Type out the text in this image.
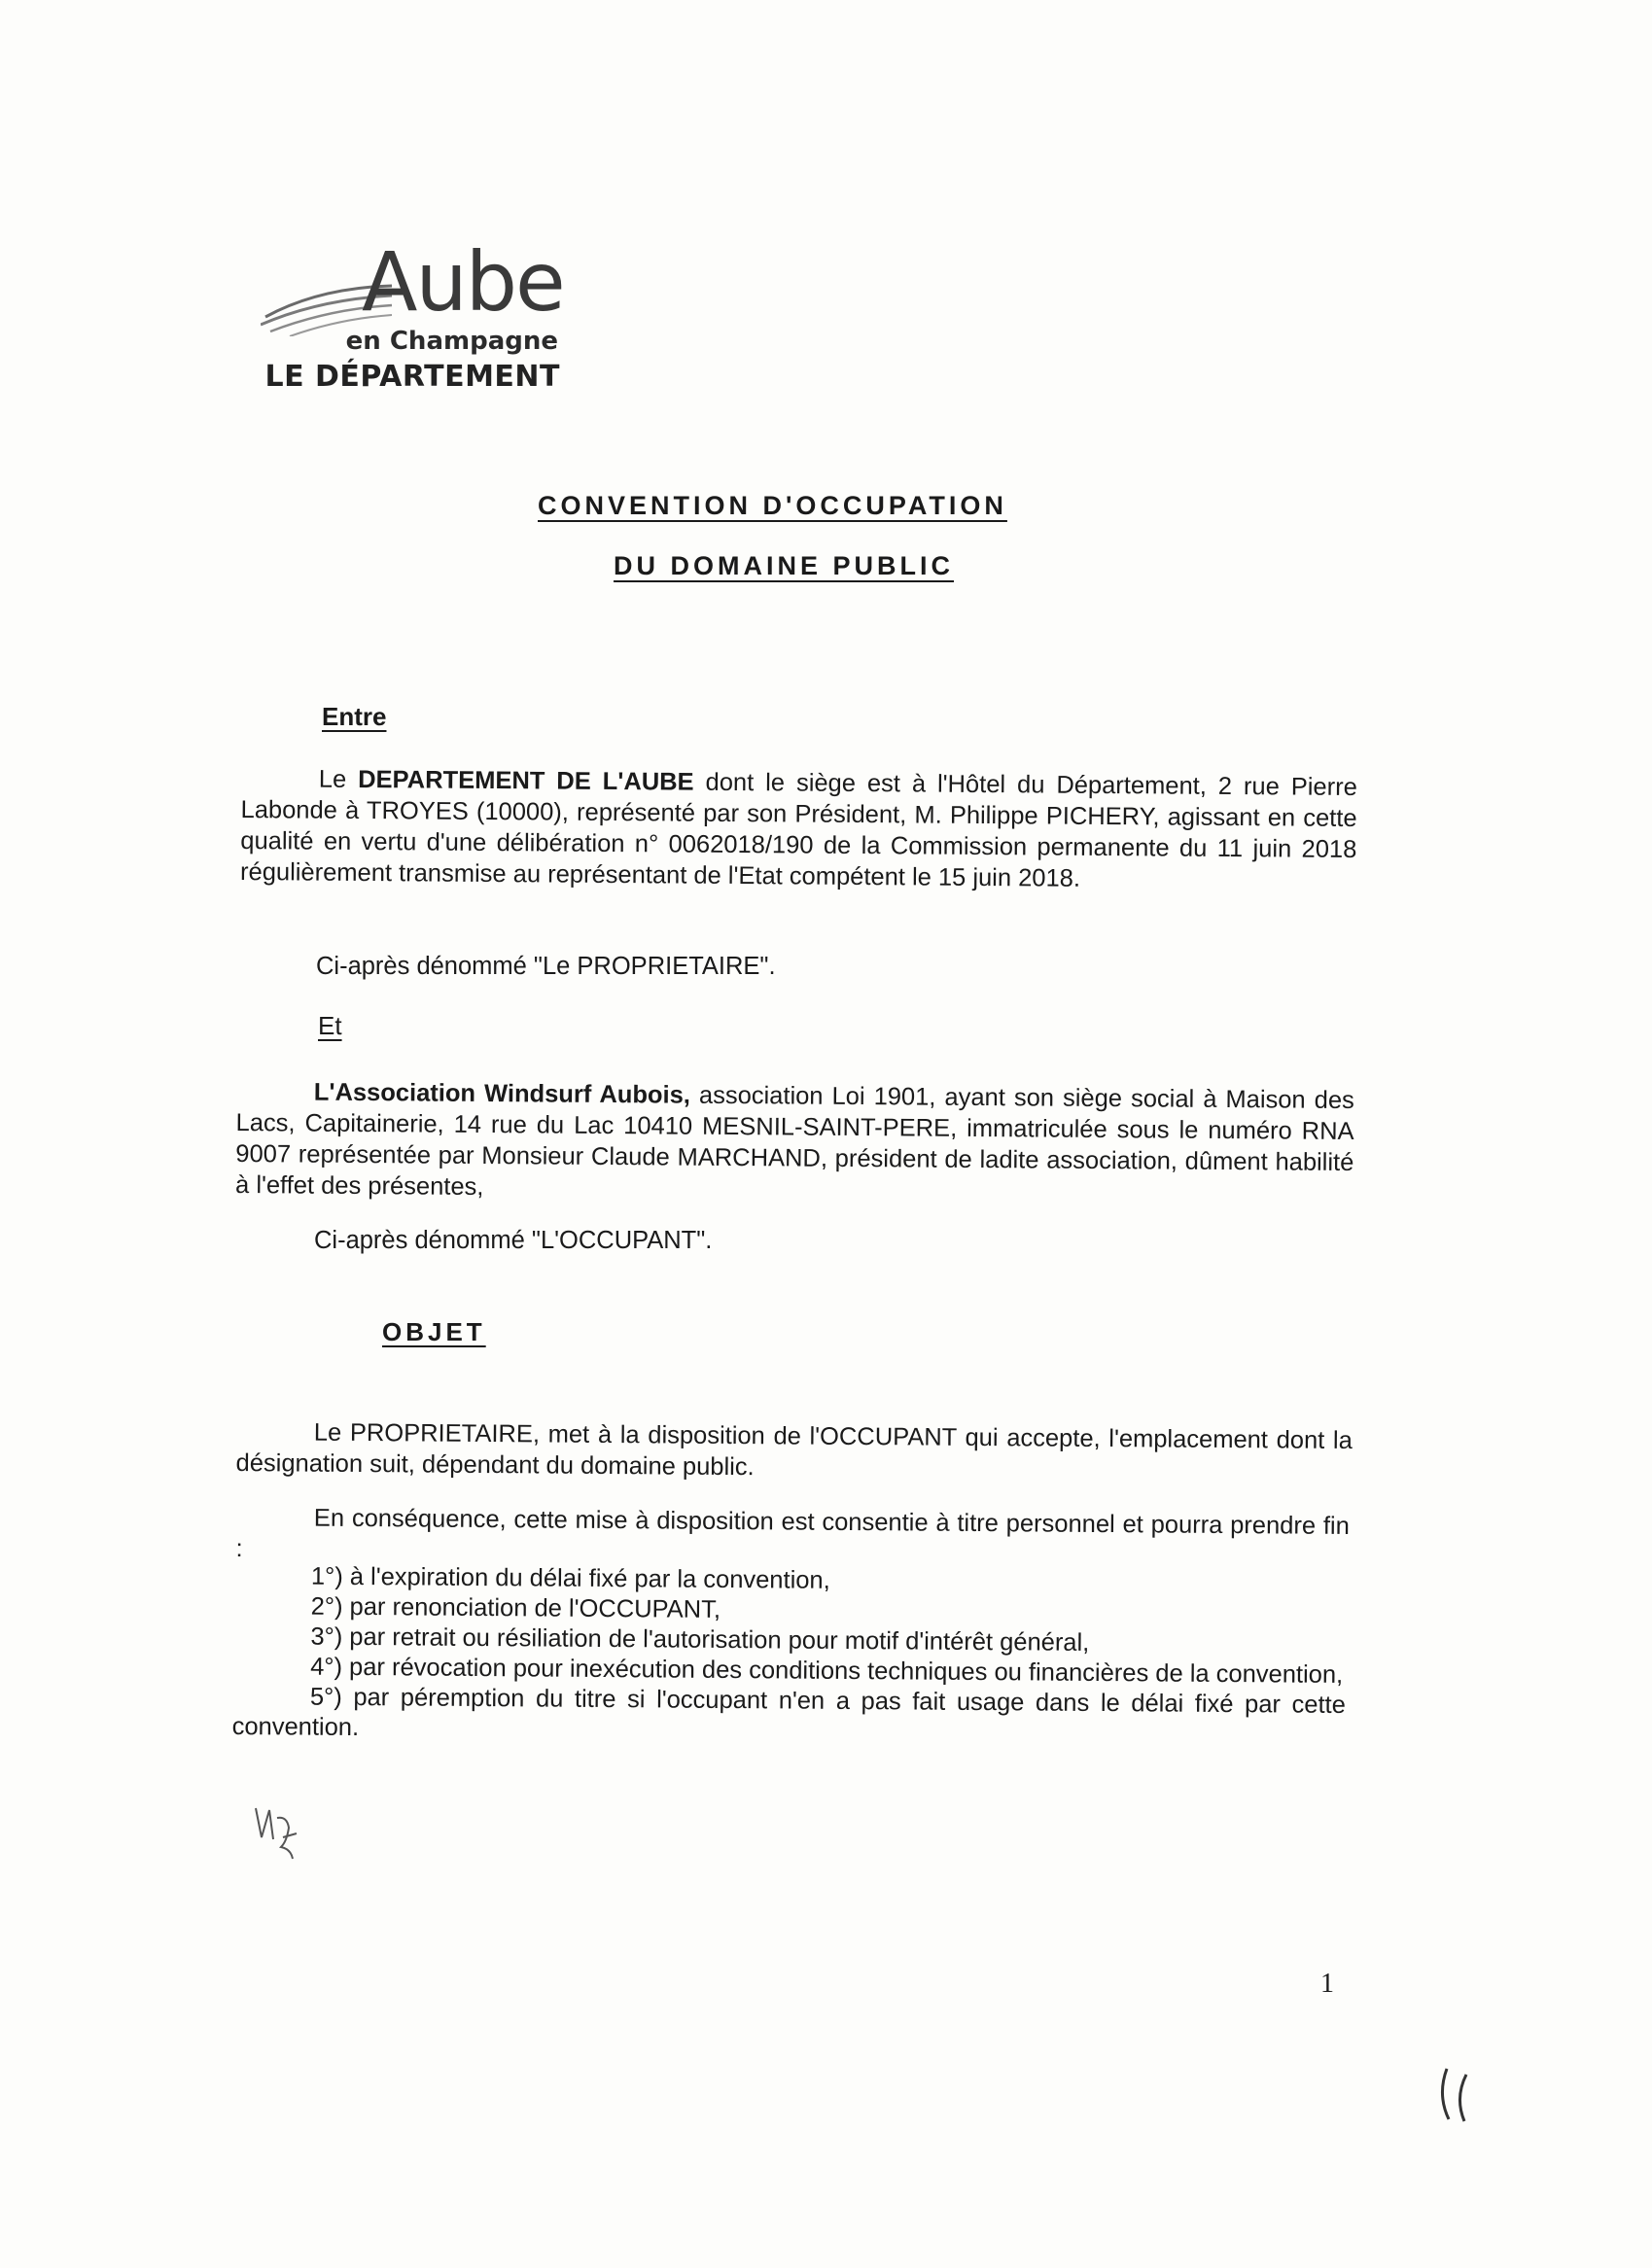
Aube
en Champagne
LE DÉPARTEMENT
CONVENTION D'OCCUPATION
DU DOMAINE PUBLIC
Entre
Le DEPARTEMENT DE L'AUBE dont le siège est à l'Hôtel du Département, 2 rue Pierre Labonde à TROYES (10000), représenté par son Président, M. Philippe PICHERY, agissant en cette qualité en vertu d'une délibération n° 0062018/190 de la Commission permanente du 11 juin 2018 régulièrement transmise au représentant de l'Etat compétent le 15 juin 2018.
Ci-après dénommé "Le PROPRIETAIRE".
Et
L'Association Windsurf Aubois, association Loi 1901, ayant son siège social à Maison des Lacs, Capitainerie, 14 rue du Lac 10410 MESNIL-SAINT-PERE, immatriculée sous le numéro RNA 9007 représentée par Monsieur Claude MARCHAND, président de ladite association, dûment habilité à l'effet des présentes,
Ci-après dénommé "L'OCCUPANT".
OBJET
Le PROPRIETAIRE, met à la disposition de l'OCCUPANT qui accepte, l'emplacement dont la désignation suit, dépendant du domaine public.
En conséquence, cette mise à disposition est consentie à titre personnel et pourra prendre fin :
1°) à l'expiration du délai fixé par la convention,
2°) par renonciation de l'OCCUPANT,
3°) par retrait ou résiliation de l'autorisation pour motif d'intérêt général,
4°) par révocation pour inexécution des conditions techniques ou financières de la convention,
5°) par péremption du titre si l'occupant n'en a pas fait usage dans le délai fixé par cette convention.
1
